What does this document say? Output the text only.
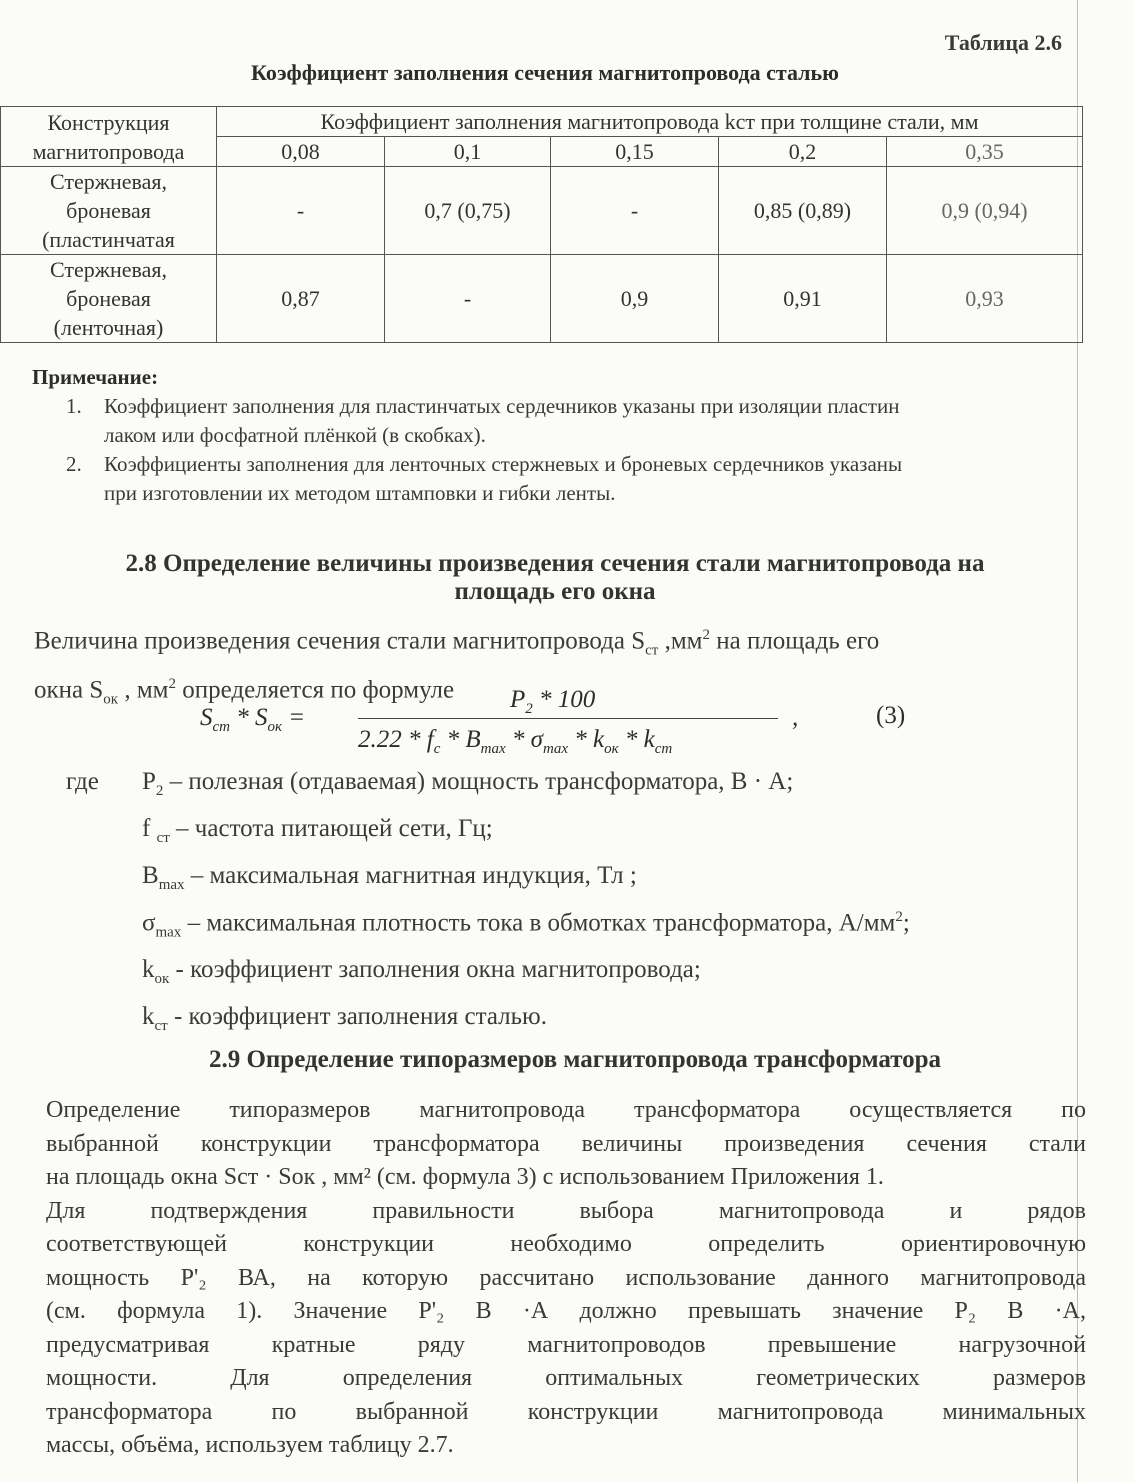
Таблица 2.6
Коэффициент заполнения сечения магнитопровода сталью
Конструкция
магнитопровода	Коэффициент заполнения магнитопровода kст при толщине стали, мм				
	0,08	0,1	0,15	0,2	0,35

Стержневая,
броневая
(пластинчатая	-	0,7 (0,75)	-	0,85 (0,89)	0,9 (0,94)

Стержневая,
броневая
(ленточная)	0,87	-	0,9	0,91	0,93
Примечание:
1.	Коэффициент заполнения для пластинчатых сердечников указаны при изоляции пластин
лаком или фосфатной плёнкой (в скобках).
2.	Коэффициенты заполнения для ленточных стержневых и броневых сердечников указаны
при изготовлении их методом штамповки и гибки ленты.
2.8 Определение величины произведения сечения стали магнитопровода на
площадь его окна
Величина произведения сечения стали магнитопровода $S_{ст}$ $,мм^2$ на площадь его
окна $S_{ок}$ , $мм^2$ определяется по формуле
$S_{cm} * S_{ок}$ =
$P_2 * 100$
$2.22 * f_c * B_{max} * \sigma_{max} * k_{ок} * k_{cm}$
,	(3)
где $P_2$ – полезная (отдаваемая) мощность трансформатора, В · А;
f $_{ст}$ – частота питающей сети, Гц;
$B_{max}$ – максимальная магнитная индукция, Тл ;
$\sigma_{max}$ – максимальная плотность тока в обмотках трансформатора, $А/мм^2$;
$k_{ок}$ - коэффициент заполнения окна магнитопровода;
$k_{ст}$ - коэффициент заполнения сталью.
2.9 Определение типоразмеров магнитопровода трансформатора
Определение типоразмеров магнитопровода трансформатора осуществляется по
выбранной конструкции трансформатора величины произведения сечения стали
на площадь окна Sст · Sок , мм² (см. формула 3) с использованием Приложения 1.
Для подтверждения правильности выбора магнитопровода и рядов
соответствующей конструкции необходимо определить ориентировочную
мощность P'₂ ВА, на которую рассчитано использование данного магнитопровода
(см. формула 1). Значение P'₂ В ·А должно превышать значение P₂ В ·А,
предусматривая кратные ряду магнитопроводов превышение нагрузочной
мощности. Для определения оптимальных геометрических размеров
трансформатора по выбранной конструкции магнитопровода минимальных
массы, объёма, используем таблицу 2.7.
